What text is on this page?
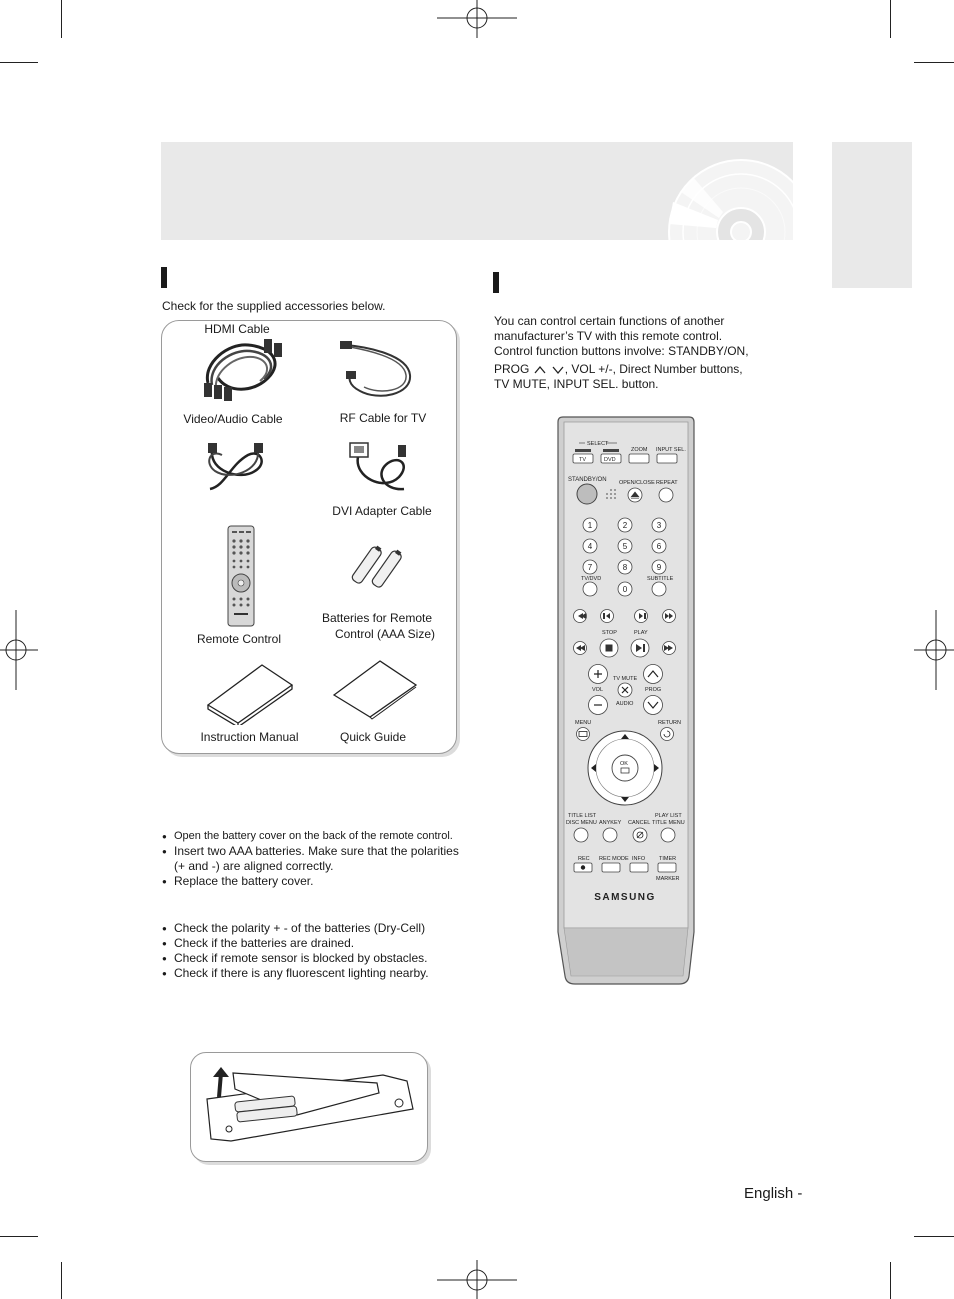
Check for the supplied accessories below.
Video/Audio Cable	RF Cable for TV
HDMI Cable
DVI Adapter Cable
Remote Control
Batteries for Remote
Control (AAA Size)
Instruction Manual	Quick Guide
● Open the battery cover on the back of the remote control.
● Insert two AAA batteries. Make sure that the polarities
(+ and -) are aligned correctly.
● Replace the battery cover.
● Check the polarity + - of the batteries (Dry-Cell)
● Check if the batteries are drained.
● Check if remote sensor is blocked by obstacles.
● Check if there is any fluorescent lighting nearby.
You can control certain functions of another
manufacturer’s TV with this remote control.
Control function buttons involve: STANDBY/ON,
PROG	, VOL +/-, Direct Number buttons,
TV MUTE, INPUT SEL. button.
SELECT
TV	DVD
ZOOM INPUT SEL.
STANDBY/ON OPEN/CLOSE REPEAT
1	2	3
4	5	6
7	8	9
TV/DVD
0
SUBTITLE
STOP	PLAY
VOL
TV MUTE
AUDIO
PROG
MENU	RETURN
OK
TITLE LIST
DISC MENU ANYKEY CANCEL
PLAY LIST
TITLE MENU
REC REC MODE INFO	TIMER
MARKER
SAMSUNG
English -
